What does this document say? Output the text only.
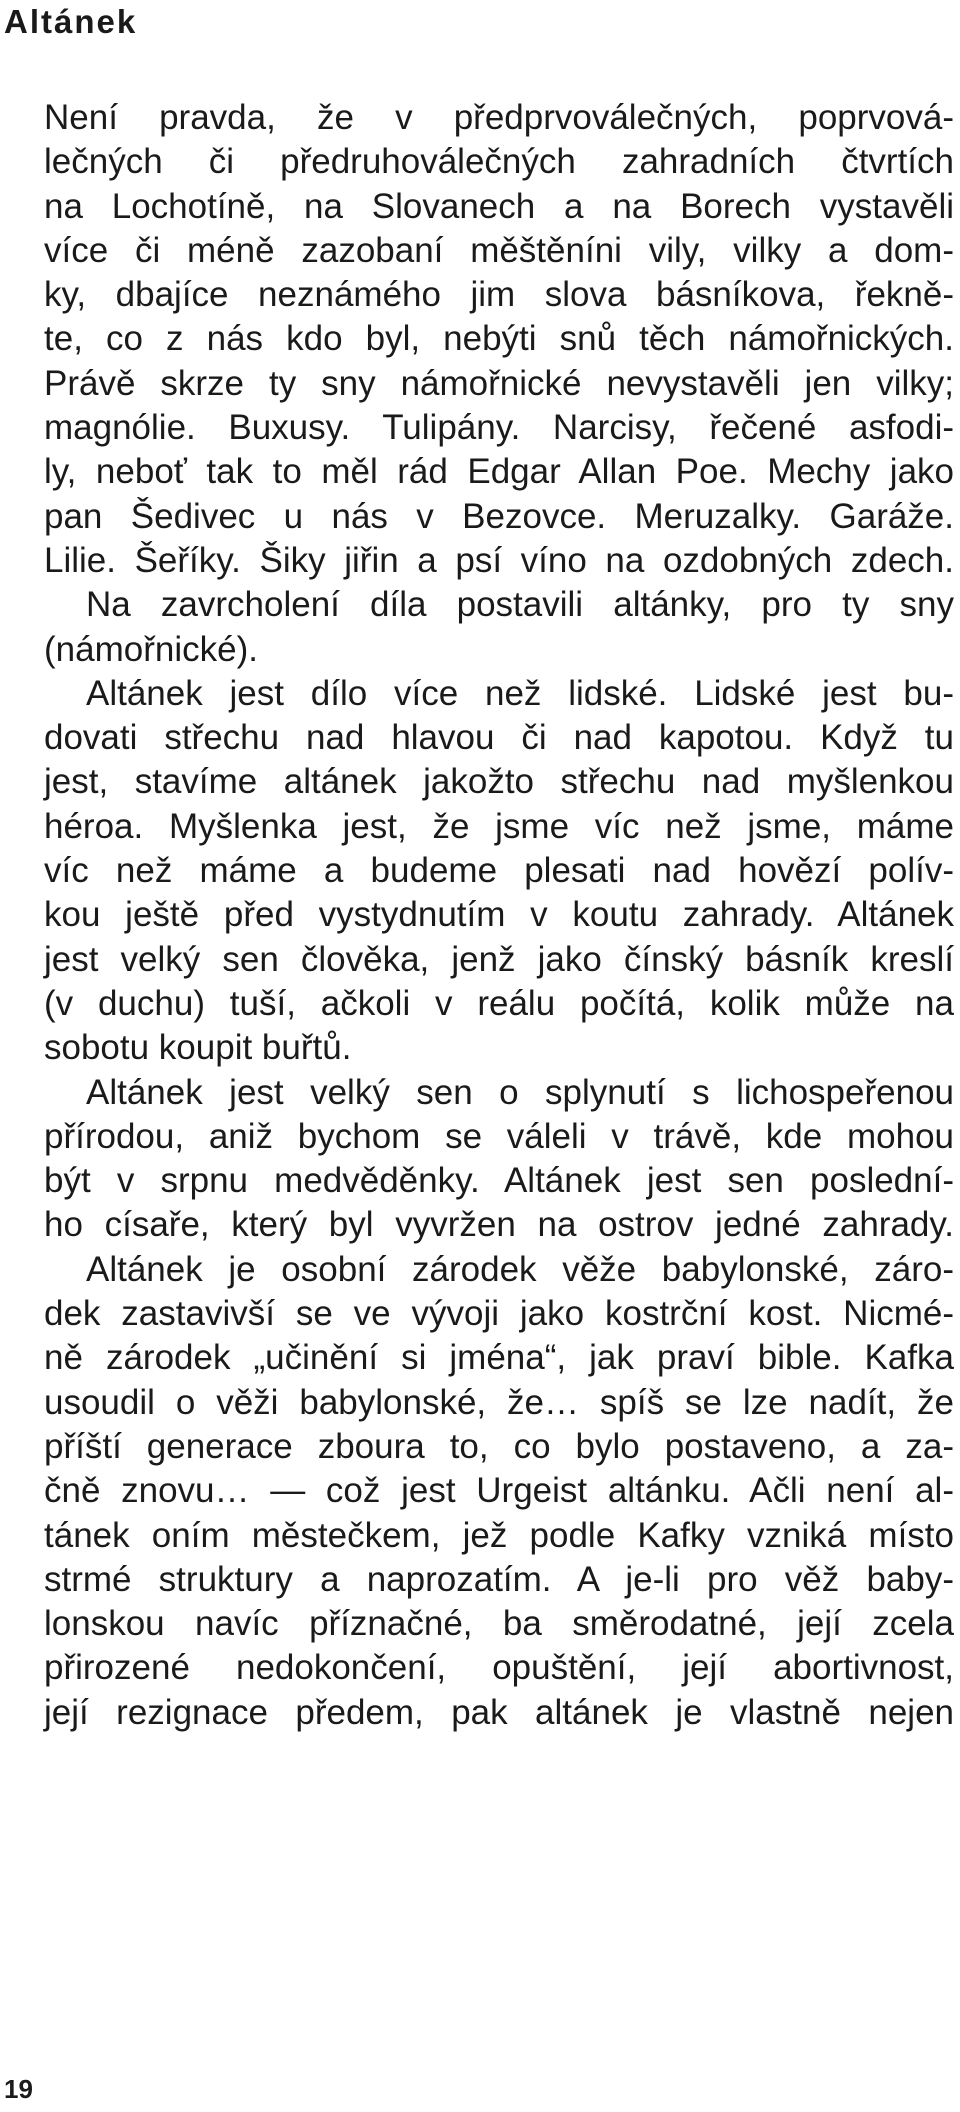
Altánek
Není pravda, že v předprvoválečných, poprvová-
lečných či předruhoválečných zahradních čtvrtích
na Lochotíně, na Slovanech a na Borech vystavěli
více či méně zazobaní měštěníni vily, vilky a dom-
ky, dbajíce neznámého jim slova básníkova, řekně-
te, co z nás kdo byl, nebýti snů těch námořnických.
Právě skrze ty sny námořnické nevystavěli jen vilky;
magnólie. Buxusy. Tulipány. Narcisy, řečené asfodi-
ly, neboť tak to měl rád Edgar Allan Poe. Mechy jako
pan Šedivec u nás v Bezovce. Meruzalky. Garáže.
Lilie. Šeříky. Šiky jiřin a psí víno na ozdobných zdech.
Na zavrcholení díla postavili altánky, pro ty sny
(námořnické).
Altánek jest dílo více než lidské. Lidské jest bu-
dovati střechu nad hlavou či nad kapotou. Když tu
jest, stavíme altánek jakožto střechu nad myšlenkou
héroa. Myšlenka jest, že jsme víc než jsme, máme
víc než máme a budeme plesati nad hovězí polív-
kou ještě před vystydnutím v koutu zahrady. Altánek
jest velký sen člověka, jenž jako čínský básník kreslí
(v duchu) tuší, ačkoli v reálu počítá, kolik může na
sobotu koupit buřtů.
Altánek jest velký sen o splynutí s lichospeřenou
přírodou, aniž bychom se váleli v trávě, kde mohou
být v srpnu medvěděnky. Altánek jest sen poslední-
ho císaře, který byl vyvržen na ostrov jedné zahrady.
Altánek je osobní zárodek věže babylonské, záro-
dek zastavivší se ve vývoji jako kostrční kost. Nicmé-
ně zárodek „učinění si jména“, jak praví bible. Kafka
usoudil o věži babylonské, že… spíš se lze nadít, že
příští generace zboura to, co bylo postaveno, a za-
čně znovu… — což jest Urgeist altánku. Ačli není al-
tánek oním městečkem, jež podle Kafky vzniká místo
strmé struktury a naprozatím. A je-li pro věž baby-
lonskou navíc příznačné, ba směrodatné, její zcela
přirozené nedokončení, opuštění, její abortivnost,
její rezignace předem, pak altánek je vlastně nejen
19
